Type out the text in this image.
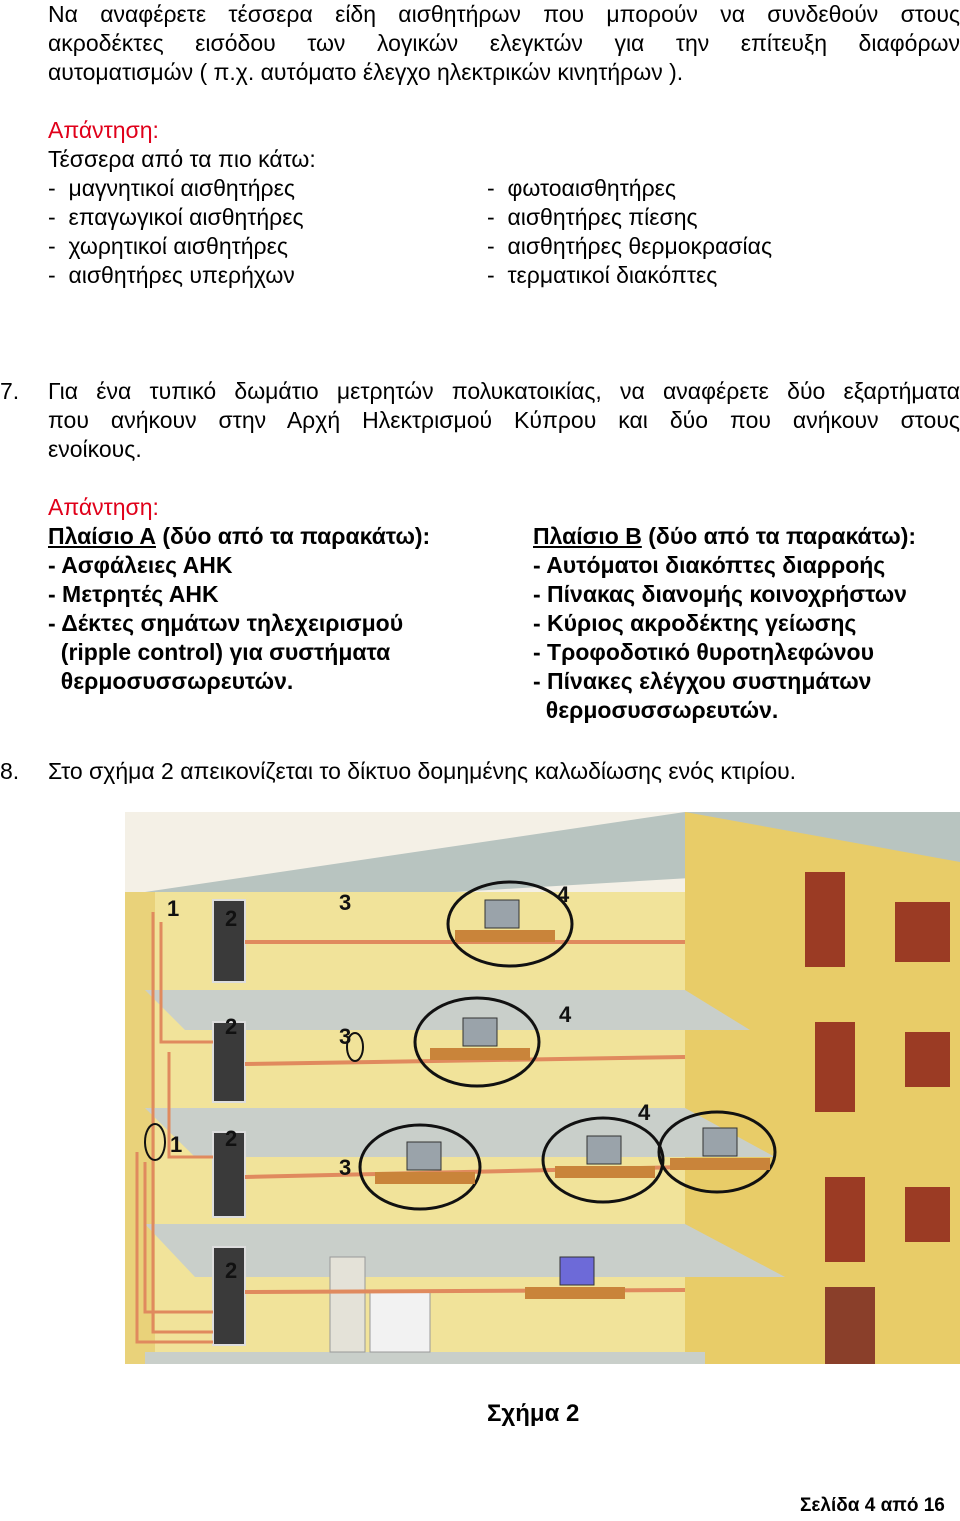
Να αναφέρετε τέσσερα είδη αισθητήρων που μπορούν να συνδεθούν στους
ακροδέκτες εισόδου των λογικών ελεγκτών για την επίτευξη διαφόρων
αυτοματισμών ( π.χ. αυτόματο έλεγχο ηλεκτρικών κινητήρων ).
Απάντηση:
Τέσσερα από τα πιο κάτω:
-  μαγνητικοί αισθητήρες
-  επαγωγικοί αισθητήρες
-  χωρητικοί αισθητήρες
-  αισθητήρες υπερήχων
-  φωτοαισθητήρες
-  αισθητήρες πίεσης
-  αισθητήρες θερμοκρασίας
-  τερματικοί διακόπτες
7. Για ένα τυπικό δωμάτιο μετρητών πολυκατοικίας, να αναφέρετε δύο εξαρτήματα
που ανήκουν στην Αρχή Ηλεκτρισμού Κύπρου και δύο που ανήκουν στους
ενοίκους.
Απάντηση:
Πλαίσιο Α (δύο από τα παρακάτω):
- Ασφάλειες ΑΗΚ
- Μετρητές ΑΗΚ
- Δέκτες σημάτων τηλεχειρισμού
(ripple control) για συστήματα
θερμοσυσσωρευτών.
Πλαίσιο Β (δύο από τα παρακάτω):
- Αυτόματοι διακόπτες διαρροής
- Πίνακας διανομής κοινοχρήστων
- Κύριος ακροδέκτης γείωσης
- Τροφοδοτικό θυροτηλεφώνου
- Πίνακες ελέγχου συστημάτων
θερμοσυσσωρευτών.
8. Στο σχήμα 2 απεικονίζεται το δίκτυο δομημένης καλωδίωσης ενός κτιρίου.
1
1
2
2
2
2
3
3
3
4
4
4
Σχήμα 2
Σελίδα 4 από 16
